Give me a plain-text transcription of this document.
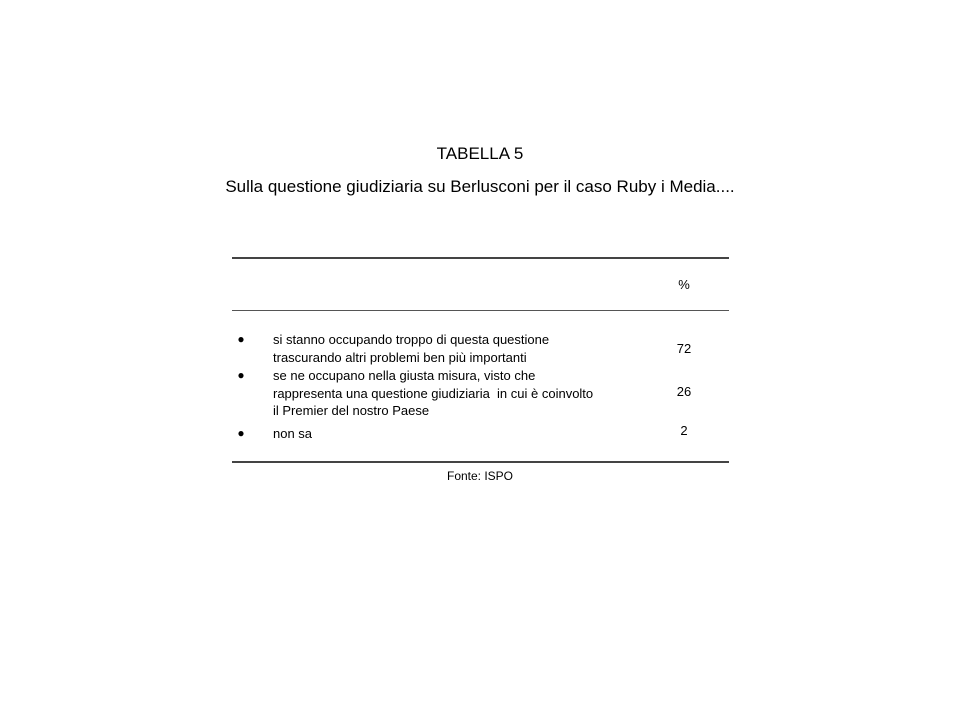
TABELLA 5
Sulla questione giudiziaria su Berlusconi per il caso Ruby i Media....
%
● si stanno occupando troppo di questa questione
trascurando altri problemi ben più importanti
72
● se ne occupano nella giusta misura, visto che
rappresenta una questione giudiziaria  in cui è coinvolto
il Premier del nostro Paese
26
● non sa	2
Fonte: ISPO
